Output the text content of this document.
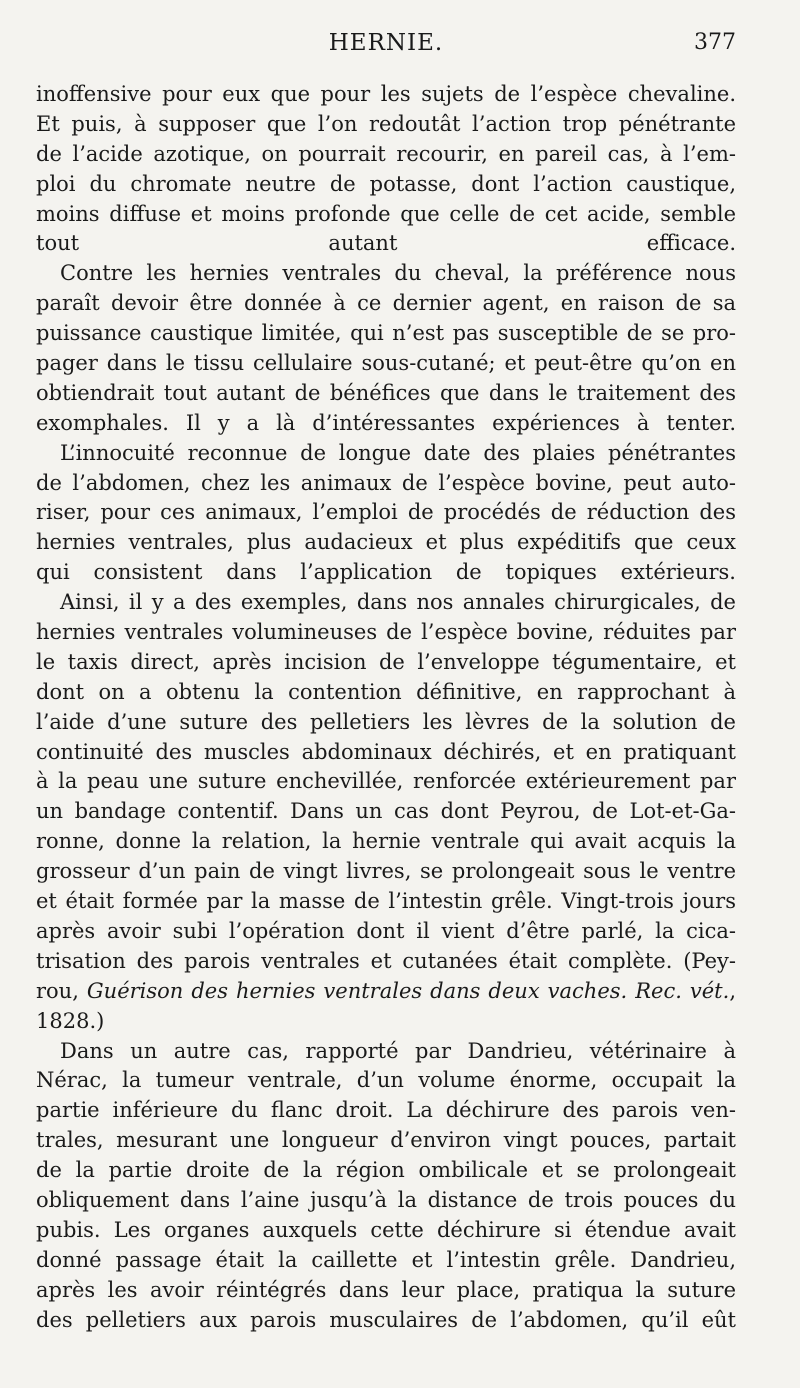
HERNIE.	377
inoffensive pour eux que pour les sujets de l’espèce chevaline.
Et puis, à supposer que l’on redoutât l’action trop pénétrante
de l’acide azotique, on pourrait recourir, en pareil cas, à l’em-
ploi du chromate neutre de potasse, dont l’action caustique,
moins diffuse et moins profonde que celle de cet acide, semble
tout autant efficace.
Contre les hernies ventrales du cheval, la préférence nous
paraît devoir être donnée à ce dernier agent, en raison de sa
puissance caustique limitée, qui n’est pas susceptible de se pro-
pager dans le tissu cellulaire sous-cutané; et peut-être qu’on en
obtiendrait tout autant de bénéfices que dans le traitement des
exomphales. Il y a là d’intéressantes expériences à tenter.
L’innocuité reconnue de longue date des plaies pénétrantes
de l’abdomen, chez les animaux de l’espèce bovine, peut auto-
riser, pour ces animaux, l’emploi de procédés de réduction des
hernies ventrales, plus audacieux et plus expéditifs que ceux
qui consistent dans l’application de topiques extérieurs.
Ainsi, il y a des exemples, dans nos annales chirurgicales, de
hernies ventrales volumineuses de l’espèce bovine, réduites par
le taxis direct, après incision de l’enveloppe tégumentaire, et
dont on a obtenu la contention définitive, en rapprochant à
l’aide d’une suture des pelletiers les lèvres de la solution de
continuité des muscles abdominaux déchirés, et en pratiquant
à la peau une suture enchevillée, renforcée extérieurement par
un bandage contentif. Dans un cas dont Peyrou, de Lot-et-Ga-
ronne, donne la relation, la hernie ventrale qui avait acquis la
grosseur d’un pain de vingt livres, se prolongeait sous le ventre
et était formée par la masse de l’intestin grêle. Vingt-trois jours
après avoir subi l’opération dont il vient d’être parlé, la cica-
trisation des parois ventrales et cutanées était complète. (Pey-
rou, Guérison des hernies ventrales dans deux vaches. Rec. vét.,
1828.)
Dans un autre cas, rapporté par Dandrieu, vétérinaire à
Nérac, la tumeur ventrale, d’un volume énorme, occupait la
partie inférieure du flanc droit. La déchirure des parois ven-
trales, mesurant une longueur d’environ vingt pouces, partait
de la partie droite de la région ombilicale et se prolongeait
obliquement dans l’aine jusqu’à la distance de trois pouces du
pubis. Les organes auxquels cette déchirure si étendue avait
donné passage était la caillette et l’intestin grêle. Dandrieu,
après les avoir réintégrés dans leur place, pratiqua la suture
des pelletiers aux parois musculaires de l’abdomen, qu’il eût
